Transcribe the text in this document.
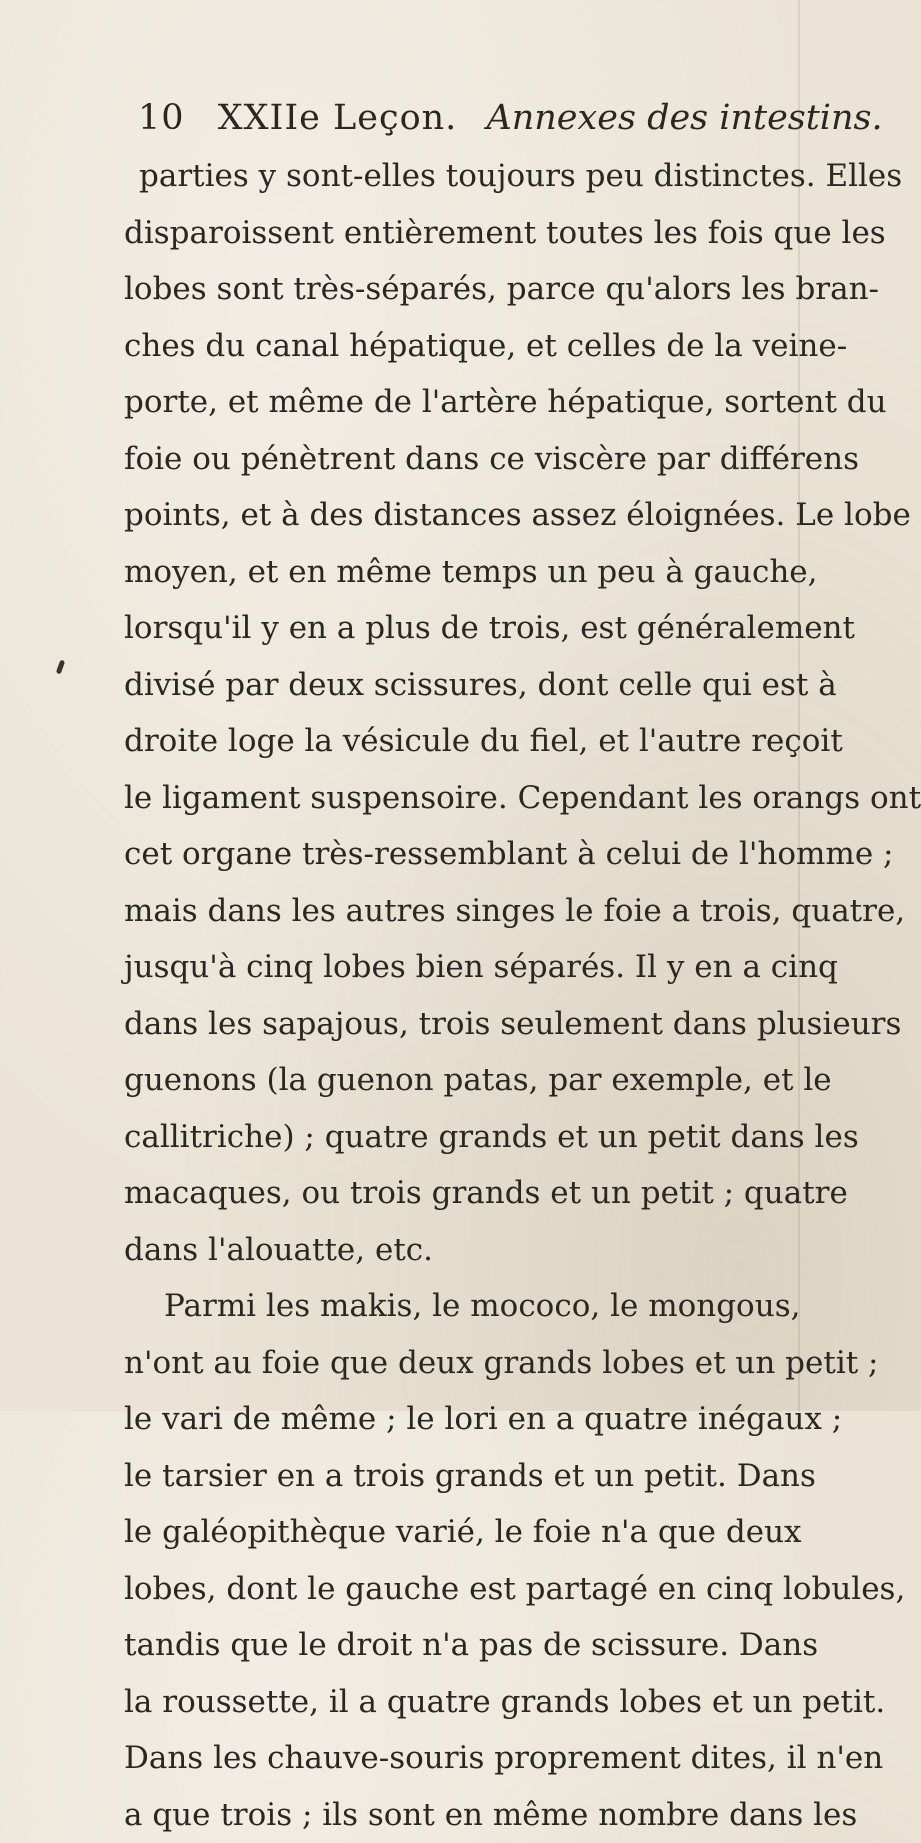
10 XXIIe Leçon. Annexes des intestins.
parties y sont-elles toujours peu distinctes. Elles
disparoissent entièrement toutes les fois que les
lobes sont très-séparés, parce qu'alors les bran-
ches du canal hépatique, et celles de la veine-
porte, et même de l'artère hépatique, sortent du
foie ou pénètrent dans ce viscère par différens
points, et à des distances assez éloignées. Le lobe
moyen, et en même temps un peu à gauche,
lorsqu'il y en a plus de trois, est généralement
divisé par deux scissures, dont celle qui est à
droite loge la vésicule du fiel, et l'autre reçoit
le ligament suspensoire. Cependant les orangs ont
cet organe très-ressemblant à celui de l'homme ;
mais dans les autres singes le foie a trois, quatre,
jusqu'à cinq lobes bien séparés. Il y en a cinq
dans les sapajous, trois seulement dans plusieurs
guenons (la guenon patas, par exemple, et le
callitriche) ; quatre grands et un petit dans les
macaques, ou trois grands et un petit ; quatre
dans l'alouatte, etc.
Parmi les makis, le mococo, le mongous,
n'ont au foie que deux grands lobes et un petit ;
le vari de même ; le lori en a quatre inégaux ;
le tarsier en a trois grands et un petit. Dans
le galéopithèque varié, le foie n'a que deux
lobes, dont le gauche est partagé en cinq lobules,
tandis que le droit n'a pas de scissure. Dans
la roussette, il a quatre grands lobes et un petit.
Dans les chauve-souris proprement dites, il n'en
a que trois ; ils sont en même nombre dans les
